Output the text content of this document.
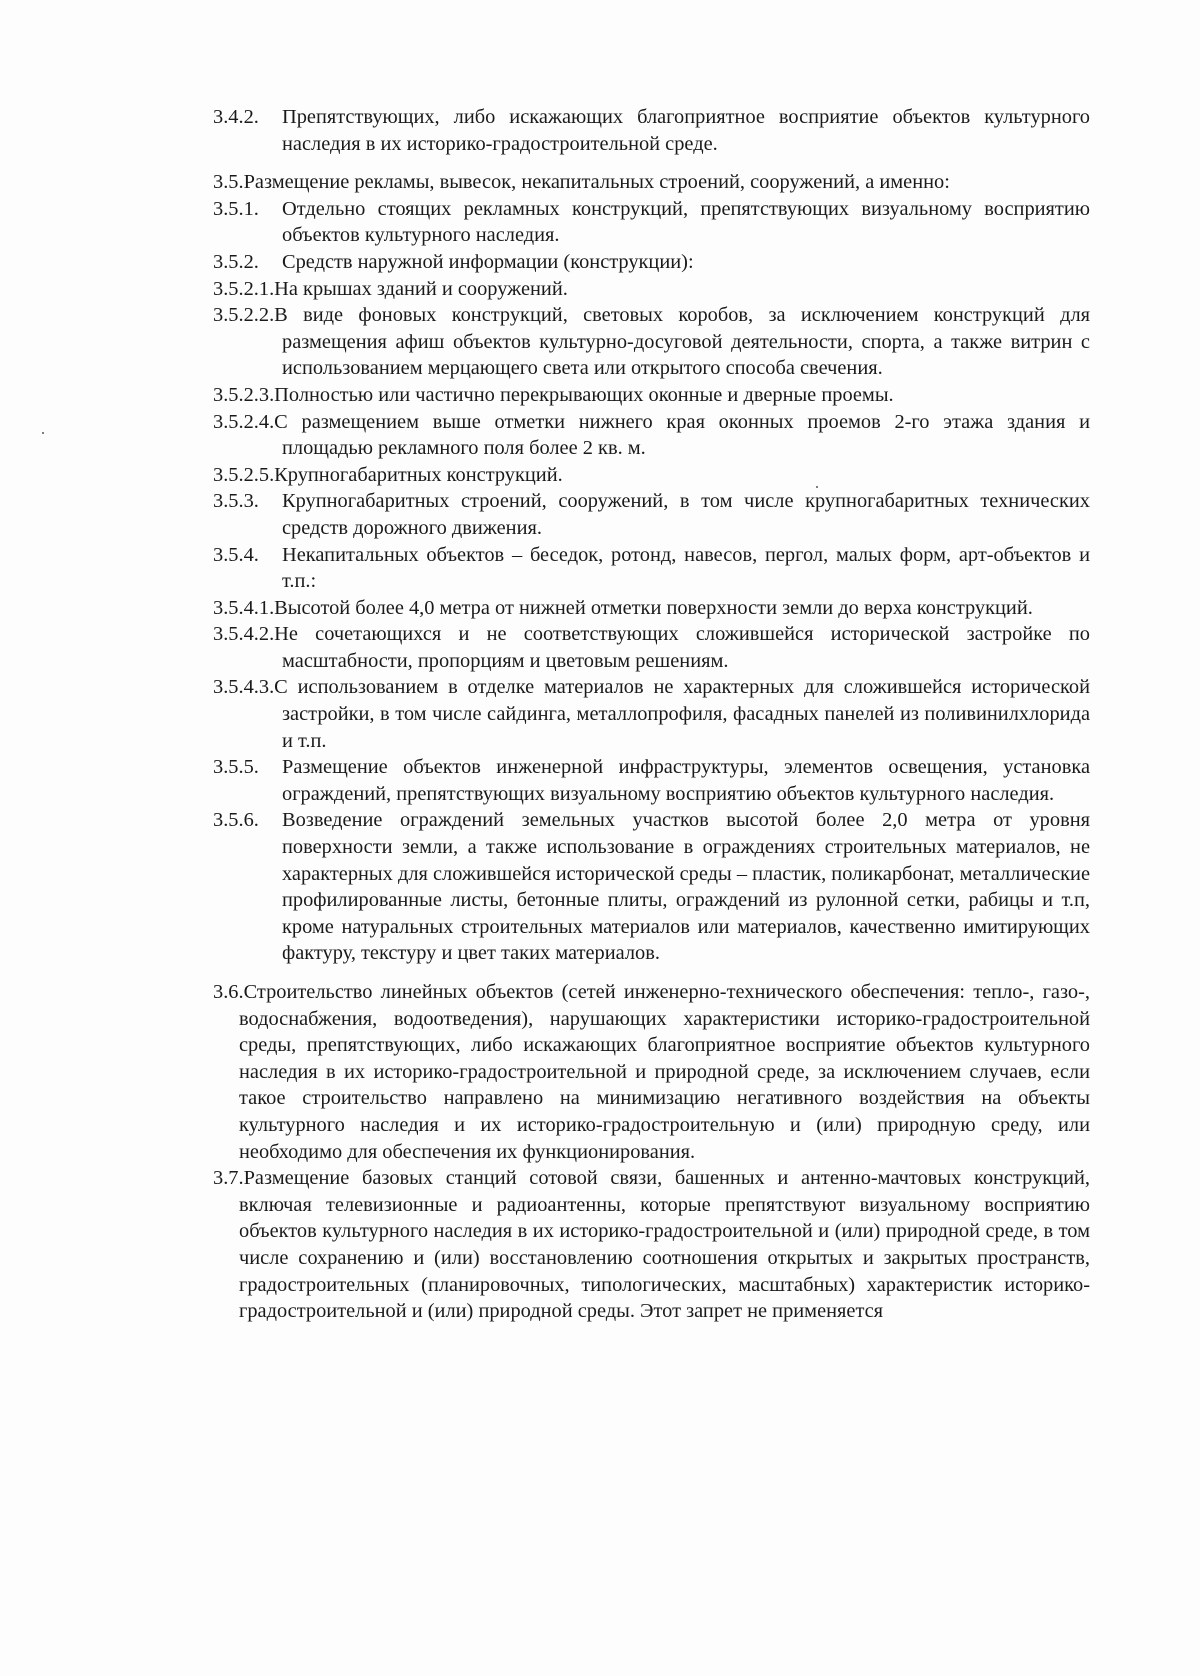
3.4.2.	Препятствующих, либо искажающих благоприятное восприятие объектов культурного наследия в их историко-градостроительной среде.
3.5.Размещение рекламы, вывесок, некапитальных строений, сооружений, а именно:
3.5.1.	Отдельно стоящих рекламных конструкций, препятствующих визуальному восприятию объектов культурного наследия.
3.5.2.	Средств наружной информации (конструкции):
3.5.2.1.На крышах зданий и сооружений.
3.5.2.2.В виде фоновых конструкций, световых коробов, за исключением конструкций для размещения афиш объектов культурно-досуговой деятельности, спорта, а также витрин с использованием мерцающего света или открытого способа свечения.
3.5.2.3.Полностью или частично перекрывающих оконные и дверные проемы.
3.5.2.4.С размещением выше отметки нижнего края оконных проемов 2-го этажа здания и площадью рекламного поля более 2 кв. м.
3.5.2.5.Крупногабаритных конструкций.
3.5.3.	Крупногабаритных строений, сооружений, в том числе крупногабаритных технических средств дорожного движения.
3.5.4.	Некапитальных объектов – беседок, ротонд, навесов, пергол, малых форм, арт-объектов и т.п.:
3.5.4.1.Высотой более 4,0 метра от нижней отметки поверхности земли до верха конструкций.
3.5.4.2.Не сочетающихся и не соответствующих сложившейся исторической застройке по масштабности, пропорциям и цветовым решениям.
3.5.4.3.С использованием в отделке материалов не характерных для сложившейся исторической застройки, в том числе сайдинга, металлопрофиля, фасадных панелей из поливинилхлорида и т.п.
3.5.5.	Размещение объектов инженерной инфраструктуры, элементов освещения, установка ограждений, препятствующих визуальному восприятию объектов культурного наследия.
3.5.6.	Возведение ограждений земельных участков высотой более 2,0 метра от уровня поверхности земли, а также использование в ограждениях строительных материалов, не характерных для сложившейся исторической среды – пластик, поликарбонат, металлические профилированные листы, бетонные плиты, ограждений из рулонной сетки, рабицы и т.п, кроме натуральных строительных материалов или материалов, качественно имитирующих фактуру, текстуру и цвет таких материалов.
3.6.Строительство линейных объектов (сетей инженерно-технического обеспечения: тепло-, газо-, водоснабжения, водоотведения), нарушающих характеристики историко-градостроительной среды, препятствующих, либо искажающих благоприятное восприятие объектов культурного наследия в их историко-градостроительной и природной среде, за исключением случаев, если такое строительство направлено на минимизацию негативного воздействия на объекты культурного наследия и их историко-градостроительную и (или) природную среду, или необходимо для обеспечения их функционирования.
3.7.Размещение базовых станций сотовой связи, башенных и антенно-мачтовых конструкций, включая телевизионные и радиоантенны, которые препятствуют визуальному восприятию объектов культурного наследия в их историко-градостроительной и (или) природной среде, в том числе сохранению и (или) восстановлению соотношения открытых и закрытых пространств, градостроительных (планировочных, типологических, масштабных) характеристик историко-градостроительной и (или) природной среды. Этот запрет не применяется
